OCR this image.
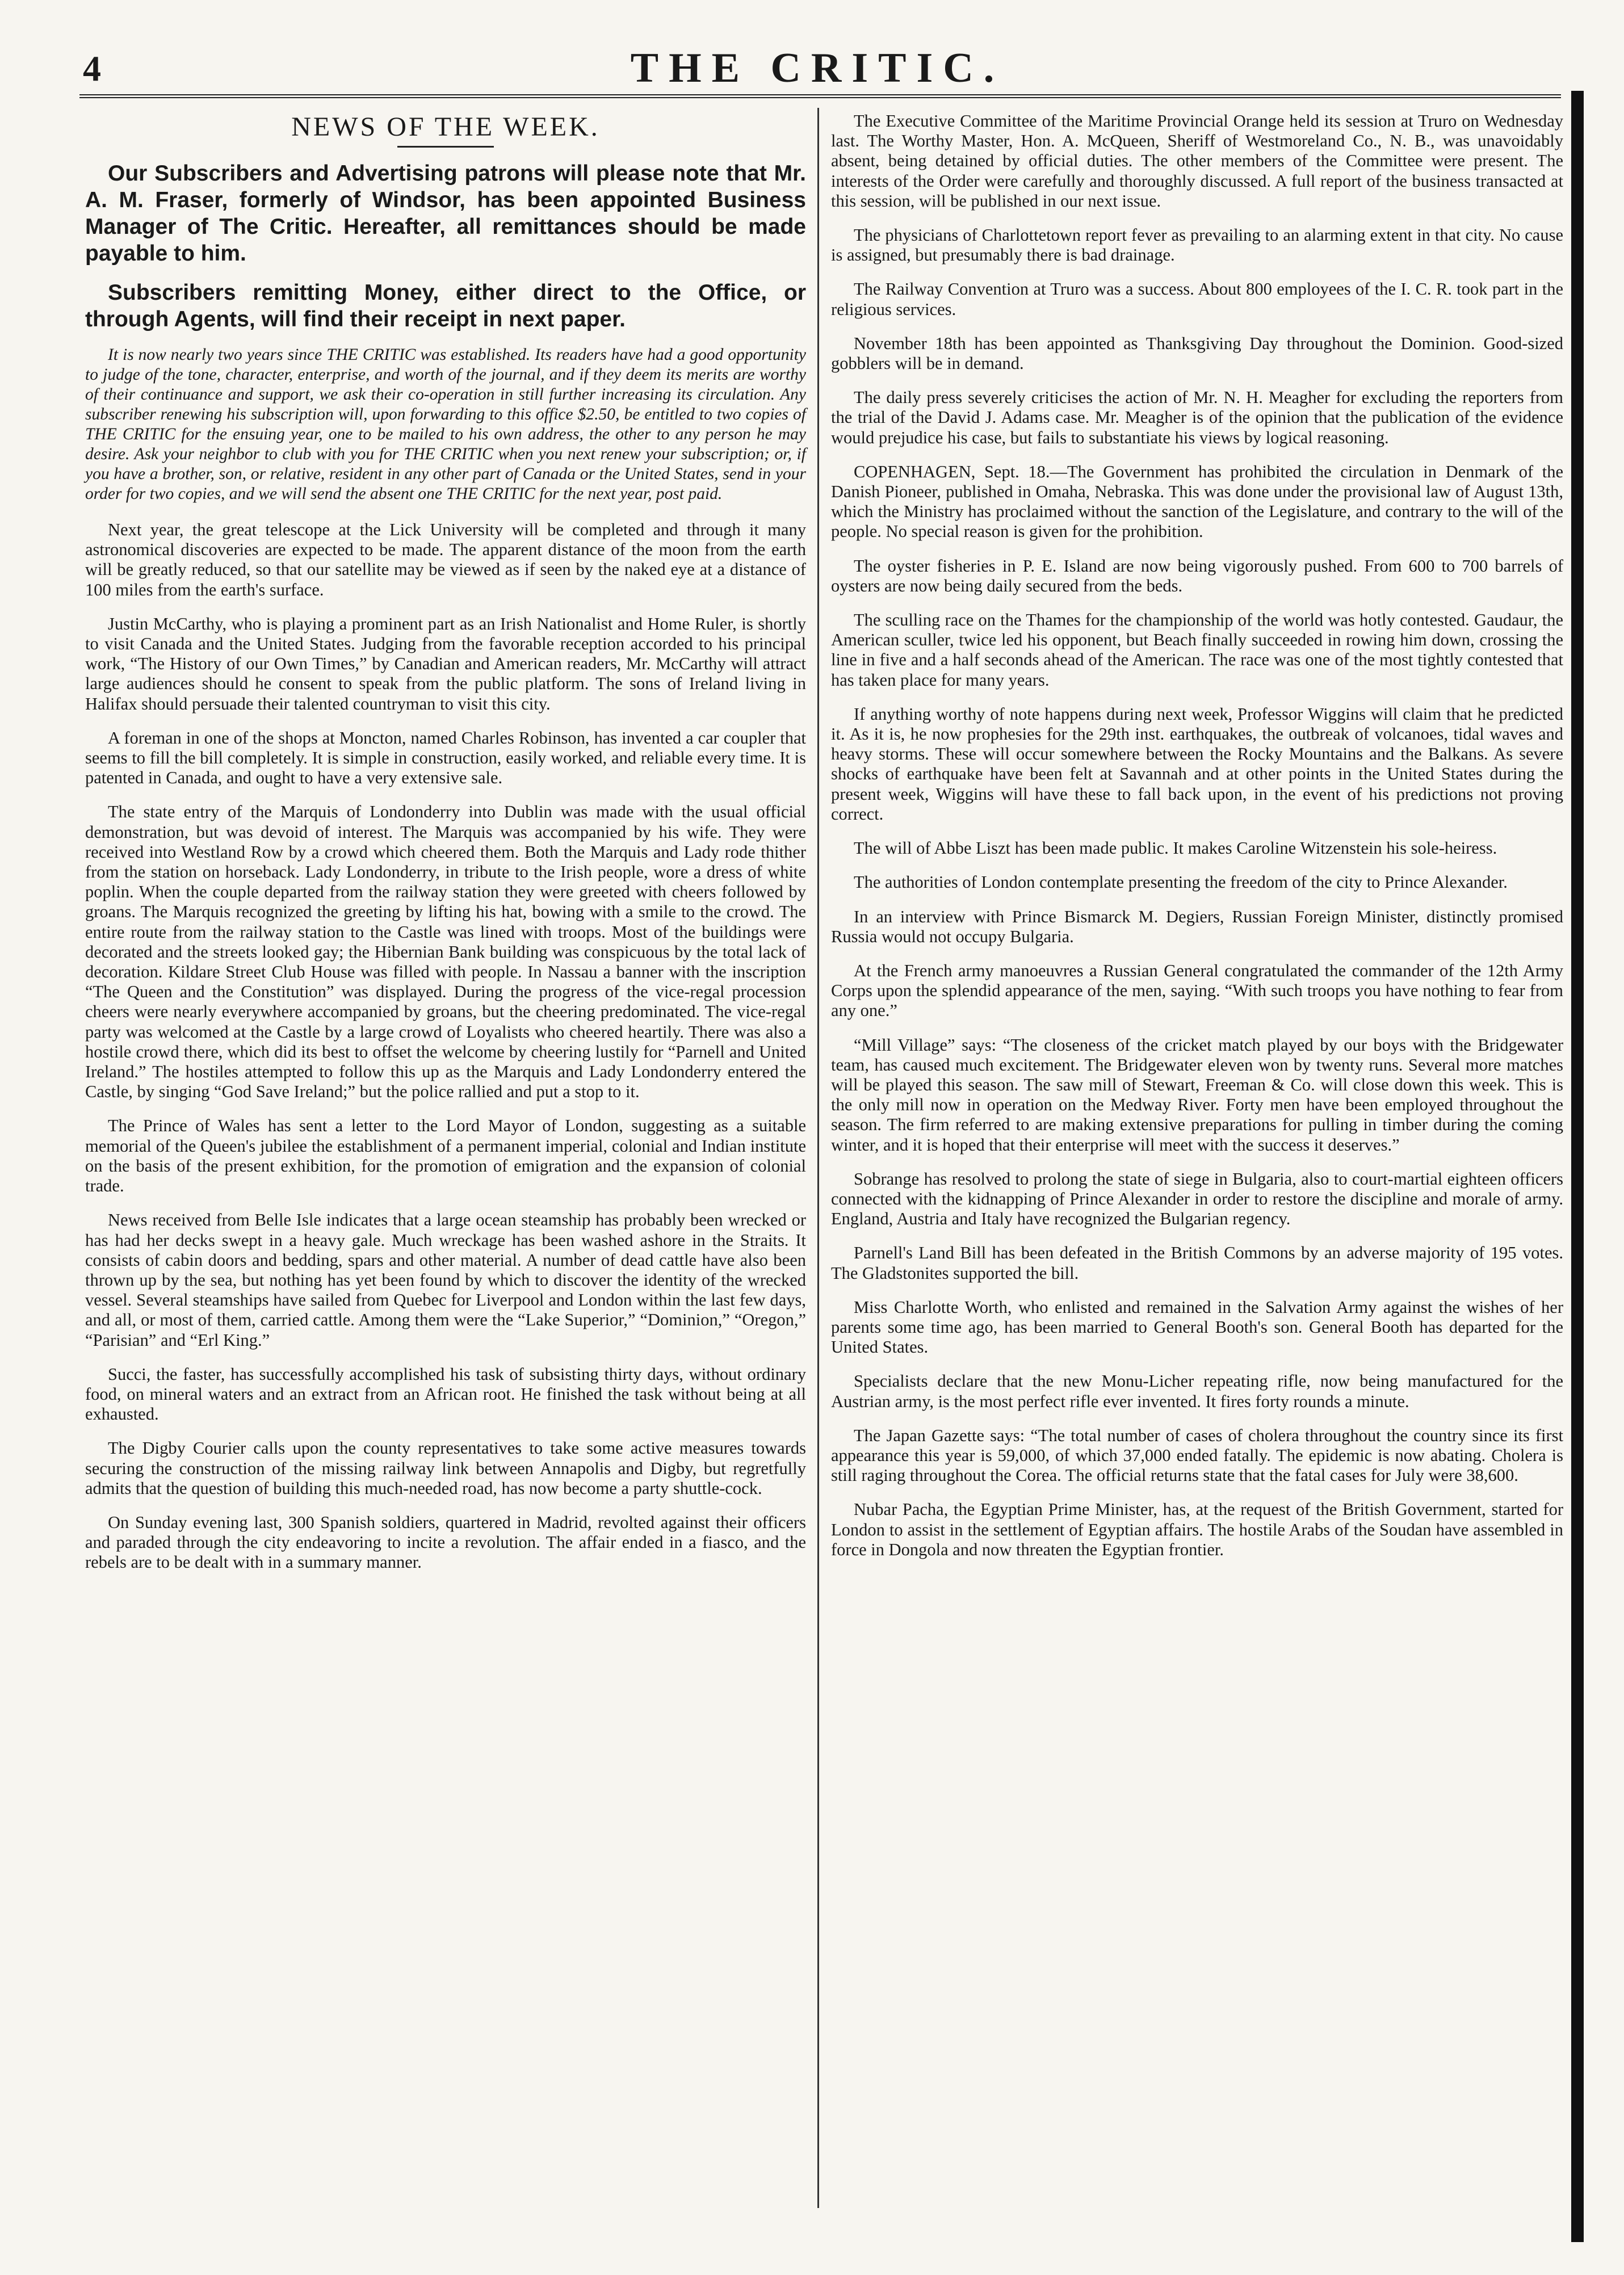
4	THE CRITIC.
NEWS OF THE WEEK.

Our Subscribers and Advertising patrons will please note that Mr. A. M. Fraser, formerly of Windsor, has been appointed Business Manager of The Critic. Hereafter, all remittances should be made payable to him.

Subscribers remitting Money, either direct to the Office, or through Agents, will find their receipt in next paper.

It is now nearly two years since THE CRITIC was established. Its readers have had a good opportunity to judge of the tone, character, enterprise, and worth of the journal, and if they deem its merits are worthy of their continuance and support, we ask their co-operation in still further increasing its circulation. Any subscriber renewing his subscription will, upon forwarding to this office $2.50, be entitled to two copies of THE CRITIC for the ensuing year, one to be mailed to his own address, the other to any person he may desire. Ask your neighbor to club with you for THE CRITIC when you next renew your subscription; or, if you have a brother, son, or relative, resident in any other part of Canada or the United States, send in your order for two copies, and we will send the absent one THE CRITIC for the next year, post paid.

Next year, the great telescope at the Lick University will be completed and through it many astronomical discoveries are expected to be made. The apparent distance of the moon from the earth will be greatly reduced, so that our satellite may be viewed as if seen by the naked eye at a distance of 100 miles from the earth's surface.

Justin McCarthy, who is playing a prominent part as an Irish Nationalist and Home Ruler, is shortly to visit Canada and the United States. Judging from the favorable reception accorded to his principal work, “The History of our Own Times,” by Canadian and American readers, Mr. McCarthy will attract large audiences should he consent to speak from the public platform. The sons of Ireland living in Halifax should persuade their talented countryman to visit this city.

A foreman in one of the shops at Moncton, named Charles Robinson, has invented a car coupler that seems to fill the bill completely. It is simple in construction, easily worked, and reliable every time. It is patented in Canada, and ought to have a very extensive sale.

The state entry of the Marquis of Londonderry into Dublin was made with the usual official demonstration, but was devoid of interest. The Marquis was accompanied by his wife. They were received into Westland Row by a crowd which cheered them. Both the Marquis and Lady rode thither from the station on horseback. Lady Londonderry, in tribute to the Irish people, wore a dress of white poplin. When the couple departed from the railway station they were greeted with cheers followed by groans. The Marquis recognized the greeting by lifting his hat, bowing with a smile to the crowd. The entire route from the railway station to the Castle was lined with troops. Most of the buildings were decorated and the streets looked gay; the Hibernian Bank building was conspicuous by the total lack of decoration. Kildare Street Club House was filled with people. In Nassau a banner with the inscription “The Queen and the Constitution” was displayed. During the progress of the vice-regal procession cheers were nearly everywhere accompanied by groans, but the cheering predominated. The vice-regal party was welcomed at the Castle by a large crowd of Loyalists who cheered heartily. There was also a hostile crowd there, which did its best to offset the welcome by cheering lustily for “Parnell and United Ireland.” The hostiles attempted to follow this up as the Marquis and Lady Londonderry entered the Castle, by singing “God Save Ireland;” but the police rallied and put a stop to it.

The Prince of Wales has sent a letter to the Lord Mayor of London, suggesting as a suitable memorial of the Queen's jubilee the establishment of a permanent imperial, colonial and Indian institute on the basis of the present exhibition, for the promotion of emigration and the expansion of colonial trade.

News received from Belle Isle indicates that a large ocean steamship has probably been wrecked or has had her decks swept in a heavy gale. Much wreckage has been washed ashore in the Straits. It consists of cabin doors and bedding, spars and other material. A number of dead cattle have also been thrown up by the sea, but nothing has yet been found by which to discover the identity of the wrecked vessel. Several steamships have sailed from Quebec for Liverpool and London within the last few days, and all, or most of them, carried cattle. Among them were the “Lake Superior,” “Dominion,” “Oregon,” “Parisian” and “Erl King.”

Succi, the faster, has successfully accomplished his task of subsisting thirty days, without ordinary food, on mineral waters and an extract from an African root. He finished the task without being at all exhausted.

The Digby Courier calls upon the county representatives to take some active measures towards securing the construction of the missing railway link between Annapolis and Digby, but regretfully admits that the question of building this much-needed road, has now become a party shuttle-cock.

On Sunday evening last, 300 Spanish soldiers, quartered in Madrid, revolted against their officers and paraded through the city endeavoring to incite a revolution. The affair ended in a fiasco, and the rebels are to be dealt with in a summary manner.

The Executive Committee of the Maritime Provincial Orange held its session at Truro on Wednesday last. The Worthy Master, Hon. A. McQueen, Sheriff of Westmoreland Co., N. B., was unavoidably absent, being detained by official duties. The other members of the Committee were present. The interests of the Order were carefully and thoroughly discussed. A full report of the business transacted at this session, will be published in our next issue.

The physicians of Charlottetown report fever as prevailing to an alarming extent in that city. No cause is assigned, but presumably there is bad drainage.

The Railway Convention at Truro was a success. About 800 employees of the I. C. R. took part in the religious services.

November 18th has been appointed as Thanksgiving Day throughout the Dominion. Good-sized gobblers will be in demand.

The daily press severely criticises the action of Mr. N. H. Meagher for excluding the reporters from the trial of the David J. Adams case. Mr. Meagher is of the opinion that the publication of the evidence would prejudice his case, but fails to substantiate his views by logical reasoning.

COPENHAGEN, Sept. 18.—The Government has prohibited the circulation in Denmark of the Danish Pioneer, published in Omaha, Nebraska. This was done under the provisional law of August 13th, which the Ministry has proclaimed without the sanction of the Legislature, and contrary to the will of the people. No special reason is given for the prohibition.

The oyster fisheries in P. E. Island are now being vigorously pushed. From 600 to 700 barrels of oysters are now being daily secured from the beds.

The sculling race on the Thames for the championship of the world was hotly contested. Gaudaur, the American sculler, twice led his opponent, but Beach finally succeeded in rowing him down, crossing the line in five and a half seconds ahead of the American. The race was one of the most tightly contested that has taken place for many years.

If anything worthy of note happens during next week, Professor Wiggins will claim that he predicted it. As it is, he now prophesies for the 29th inst. earthquakes, the outbreak of volcanoes, tidal waves and heavy storms. These will occur somewhere between the Rocky Mountains and the Balkans. As severe shocks of earthquake have been felt at Savannah and at other points in the United States during the present week, Wiggins will have these to fall back upon, in the event of his predictions not proving correct.

The will of Abbe Liszt has been made public. It makes Caroline Witzenstein his sole-heiress.

The authorities of London contemplate presenting the freedom of the city to Prince Alexander.

In an interview with Prince Bismarck M. Degiers, Russian Foreign Minister, distinctly promised Russia would not occupy Bulgaria.

At the French army manoeuvres a Russian General congratulated the commander of the 12th Army Corps upon the splendid appearance of the men, saying. “With such troops you have nothing to fear from any one.”

“Mill Village” says: “The closeness of the cricket match played by our boys with the Bridgewater team, has caused much excitement. The Bridgewater eleven won by twenty runs. Several more matches will be played this season. The saw mill of Stewart, Freeman & Co. will close down this week. This is the only mill now in operation on the Medway River. Forty men have been employed throughout the season. The firm referred to are making extensive preparations for pulling in timber during the coming winter, and it is hoped that their enterprise will meet with the success it deserves.”

Sobrange has resolved to prolong the state of siege in Bulgaria, also to court-martial eighteen officers connected with the kidnapping of Prince Alexander in order to restore the discipline and morale of army. England, Austria and Italy have recognized the Bulgarian regency.

Parnell's Land Bill has been defeated in the British Commons by an adverse majority of 195 votes. The Gladstonites supported the bill.

Miss Charlotte Worth, who enlisted and remained in the Salvation Army against the wishes of her parents some time ago, has been married to General Booth's son. General Booth has departed for the United States.

Specialists declare that the new Monu-Licher repeating rifle, now being manufactured for the Austrian army, is the most perfect rifle ever invented. It fires forty rounds a minute.

The Japan Gazette says: “The total number of cases of cholera throughout the country since its first appearance this year is 59,000, of which 37,000 ended fatally. The epidemic is now abating. Cholera is still raging throughout the Corea. The official returns state that the fatal cases for July were 38,600.

Nubar Pacha, the Egyptian Prime Minister, has, at the request of the British Government, started for London to assist in the settlement of Egyptian affairs. The hostile Arabs of the Soudan have assembled in force in Dongola and now threaten the Egyptian frontier.
